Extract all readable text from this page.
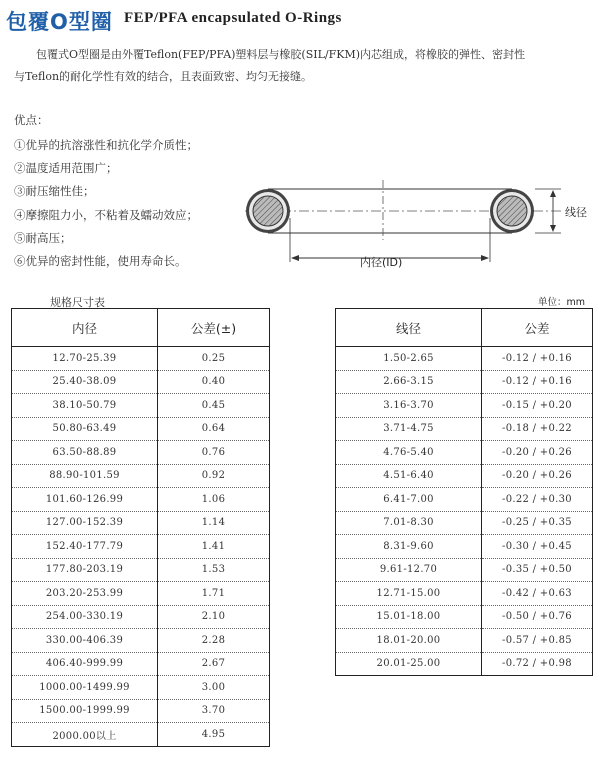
包覆O型圈 FEP/PFA encapsulated O-Rings
包覆式O型圈是由外覆Teflon(FEP/PFA)塑料层与橡胶(SIL/FKM)内芯组成，将橡胶的弹性、密封性
与Teflon的耐化学性有效的结合，且表面致密、均匀无接缝。
优点：
①优异的抗溶涨性和抗化学介质性；
②温度适用范围广；
③耐压缩性佳；
④摩擦阻力小，不粘着及蠕动效应；
⑤耐高压；
⑥优异的密封性能，使用寿命长。
线径
内径(ID)
规格尺寸表	单位：mm
内径	公差(±)
12.70-25.39	0.25
25.40-38.09	0.40
38.10-50.79	0.45
50.80-63.49	0.64
63.50-88.89	0.76
88.90-101.59	0.92
101.60-126.99	1.06
127.00-152.39	1.14
152.40-177.79	1.41
177.80-203.19	1.53
203.20-253.99	1.71
254.00-330.19	2.10
330.00-406.39	2.28
406.40-999.99	2.67
1000.00-1499.99	3.00
1500.00-1999.99	3.70
2000.00以上	4.95
线径	公差
1.50-2.65	-0.12 / +0.16
2.66-3.15	-0.12 / +0.16
3.16-3.70	-0.15 / +0.20
3.71-4.75	-0.18 / +0.22
4.76-5.40	-0.20 / +0.26
4.51-6.40	-0.20 / +0.26
6.41-7.00	-0.22 / +0.30
7.01-8.30	-0.25 / +0.35
8.31-9.60	-0.30 / +0.45
9.61-12.70	-0.35 / +0.50
12.71-15.00	-0.42 / +0.63
15.01-18.00	-0.50 / +0.76
18.01-20.00	-0.57 / +0.85
20.01-25.00	-0.72 / +0.98
